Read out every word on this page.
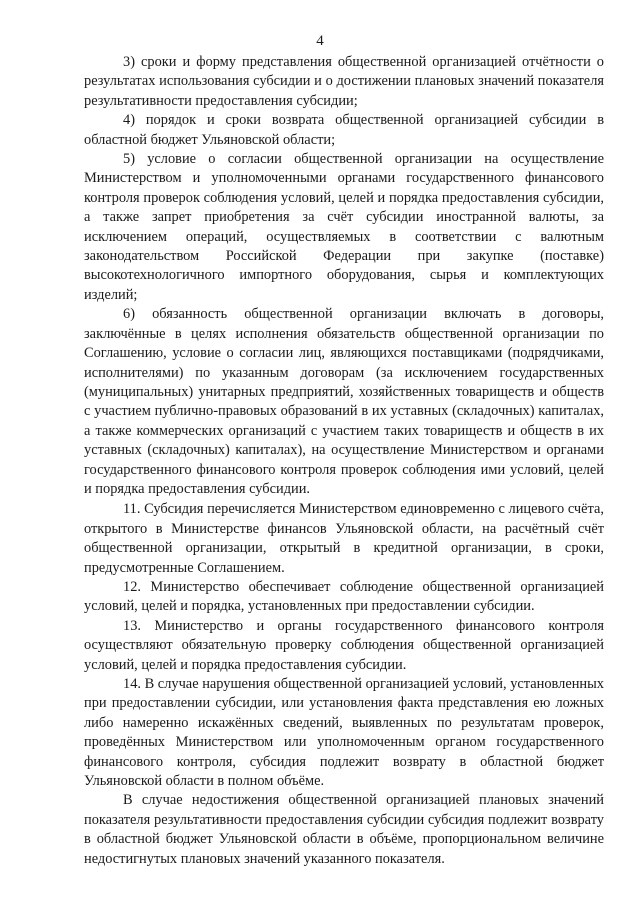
4

3) сроки и форму представления общественной организацией отчётности о результатах использования субсидии и о достижении плановых значений показателя результативности предоставления субсидии;

4) порядок и сроки возврата общественной организацией субсидии в областной бюджет Ульяновской области;

5) условие о согласии общественной организации на осуществление Министерством и уполномоченными органами государственного финансового контроля проверок соблюдения условий, целей и порядка предоставления субсидии, а также запрет приобретения за счёт субсидии иностранной валюты, за исключением операций, осуществляемых в соответствии с валютным законодательством Российской Федерации при закупке (поставке) высокотехнологичного импортного оборудования, сырья и комплектующих изделий;

6) обязанность общественной организации включать в договоры, заключённые в целях исполнения обязательств общественной организации по Соглашению, условие о согласии лиц, являющихся поставщиками (подрядчиками, исполнителями) по указанным договорам (за исключением государственных (муниципальных) унитарных предприятий, хозяйственных товариществ и обществ с участием публично-правовых образований в их уставных (складочных) капиталах, а также коммерческих организаций с участием таких товариществ и обществ в их уставных (складочных) капиталах), на осуществление Министерством и органами государственного финансового контроля проверок соблюдения ими условий, целей и порядка предоставления субсидии.

11. Субсидия перечисляется Министерством единовременно с лицевого счёта, открытого в Министерстве финансов Ульяновской области, на расчётный счёт общественной организации, открытый в кредитной организации, в сроки, предусмотренные Соглашением.

12. Министерство обеспечивает соблюдение общественной организацией условий, целей и порядка, установленных при предоставлении субсидии.

13. Министерство и органы государственного финансового контроля осуществляют обязательную проверку соблюдения общественной организацией условий, целей и порядка предоставления субсидии.

14. В случае нарушения общественной организацией условий, установленных при предоставлении субсидии, или установления факта представления ею ложных либо намеренно искажённых сведений, выявленных по результатам проверок, проведённых Министерством или уполномоченным органом государственного финансового контроля, субсидия подлежит возврату в областной бюджет Ульяновской области в полном объёме.

В случае недостижения общественной организацией плановых значений показателя результативности предоставления субсидии субсидия подлежит возврату в областной бюджет Ульяновской области в объёме, пропорциональном величине недостигнутых плановых значений указанного показателя.
